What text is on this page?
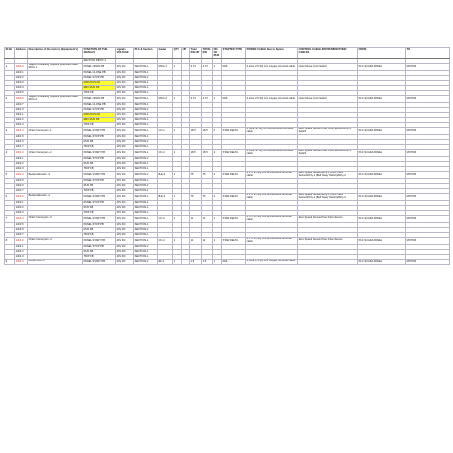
Sl.No	Address	Description of the motors (Equipment's)	FUNCTION OF THE SIGNALS	signals VOLTAGE	PLC & Section	feeder	QTY	HP	Total KW HP	TOTAL KW	NO. OF RUN	STARTER TYPE	POWER CABLE Size in Sqmm	CONTROL CABLE INSTRUMENTATION CABLES	FROM	TO
			SECTION INPUT-1													
1	1/4/0.0	Wagon Unloading hoppers Motorised Gate MCG-1	PANEL OPEN PB	24V DC	SECTION-1	MCG-1	1		3.73	3.73	1	DOL	4 Core 2.5 SQ.mm Copper Armored cable	Open/Close Limit Switch	PLC SCADA PANEL	MOTOR
	1/4/0.1		PANEL CLOSE PB	24V DC	SECTION-1											
	1/4/0.2		PANEL STOP PB	24V DC	SECTION-1											
	1/4/0.3		FWD RUN FB	24V DC	SECTION-1											
	1/4/0.4		REV RUN FB	24V DC	SECTION-1											
	1/4/0.5		TRIP FB	24V DC	SECTION-1											
2	1/4/0.6	Wagon Unloading hoppers Motorised Gate MCG-2	PANEL OPEN PB	24V DC	SECTION-1	MCG-2	1		3.73	3.73	1	DOL	4 Core 2.5 SQ.mm Copper Armored cable	Open/Close Limit Switch	PLC SCADA PANEL	MOTOR
	1/4/0.7		PANEL CLOSE PB	24V DC	SECTION-1											
	1/4/1.0		PANEL STOP PB	24V DC	SECTION-1											
	1/4/1.1		FWD RUN FB	24V DC	SECTION-1											
	1/4/1.2		REV RUN FB	24V DC	SECTION-1											
	1/4/1.3		TRIP FB	24V DC	SECTION-1											
3	1/4/1.4	Chain Conveyors -1	PANEL START PB	24V DC	SECTION-1	CC-1	1		18.5	18.5	2	STAR DELTA	4 Core 50 SQ.mm ALUMINIUM Armored cable	Zero Speed Sensor/Over Flow Sensor/Dirty-1 Switch	PLC SCADA PANEL	MOTOR
	1/4/1.5		PANEL STOP PB	24V DC	SECTION-1											
	1/4/1.6		RUN FB	24V DC	SECTION-1											
	1/4/1.7		TRIP FB	24V DC	SECTION-1											
4	1/4/2.0	Chain Conveyors -2	PANEL START PB	24V DC	SECTION-1	CC-2	1		18.5	18.5	2	STAR DELTA	4 Core 50 SQ.mm ALUMINIUM Armored cable	Zero Speed Sensor/Over Flow Sensor/Dirty-1 Switch	PLC SCADA PANEL	MOTOR
	1/4/2.1		PANEL STOP PB	24V DC	SECTION-1											
	1/4/2.2		RUN FB	24V DC	SECTION-1											
	1/4/2.3		TRIP FB	24V DC	SECTION-1											
5	1/4/2.4	Bucket Elevator -3	PANEL START PB	24V DC	SECTION-1	B.E-3	1		75	75	2	STAR DELTA	4 C X 95 SQ.mm ALUMINIUM Armored cable	Zero Speed Sensor/Dirty-1 (Over Flow Sensor/Dirty-1 (Belt Sway Switch)/Dirty-2	PLC SCADA PANEL	MOTOR
	1/4/2.5		PANEL STOP PB	24V DC	SECTION-1											
	1/4/2.6		RUN FB	24V DC	SECTION-1											
	1/4/2.7		TRIP FB	24V DC	SECTION-1											
6	1/4/3.0	Bucket Elevator -4	PANEL START PB	24V DC	SECTION-1	B.E-4	1		75	75	2	STAR DELTA	4 C X 95 SQ.mm ALUMINIUM Armored cable	Zero Speed Sensor/Dirty-1 (Over Flow Sensor/Dirty-1 (Belt Sway Switch)/Dirty-2	PLC SCADA PANEL	MOTOR
	1/4/3.1		PANEL STOP PB	24V DC	SECTION-1											
	1/4/3.2		RUN FB	24V DC	SECTION-1											
	1/4/3.3		TRIP FB	24V DC	SECTION-1											
7	1/4/3.4	Chain Conveyors -3	PANEL START PB	24V DC	SECTION-1	CC-3	1		11	11	1	STAR DELTA	4 C X 50 SQ.mm ALUMINIUM Armored cable	Zero Speed Sensor/Over Flow Sensor	PLC SCADA PANEL	MOTOR
	1/4/3.5		PANEL STOP PB	24V DC	SECTION-1											
	1/4/3.6		RUN FB	24V DC	SECTION-1											
	1/4/3.7		TRIP FB	24V DC	SECTION-1											
8	1/4/4.0	Chain Conveyors -4	PANEL START PB	24V DC	SECTION-1	CC-4	1		11	11	1	STAR DELTA	4 C X 50 SQ.mm ALUMINIUM Armored cable	Zero Speed Sensor/Over Flow Sensor	PLC SCADA PANEL	MOTOR
	1/4/4.1		PANEL STOP PB	24V DC	SECTION-1											
	1/4/4.2		RUN FB	24V DC	SECTION-1											
	1/4/4.3		TRIP FB	24V DC	SECTION-1											
9	1/4/4.4	AXIAL FAN -1	PANEL START PB	24V DC	SECTION-1	EF-1	1		1.5	1.5	1	DOL	4 Core 2.5 SQ.mm Copper Armored cable		PLC SCADA PANEL	MOTOR
